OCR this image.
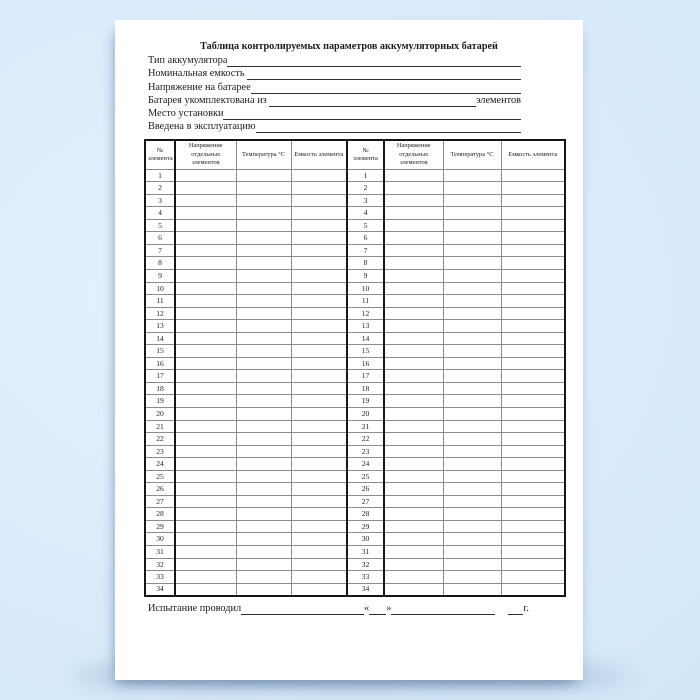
Таблица контролируемых параметров аккумуляторных батарей
Тип аккумулятора
Номинальная емкость
Напряжение на батарее
Батарея укомплектована из	элементов
Место установки
Введена в эксплуатацию
№ элемента	Напряжение отдельных элементов	Температура °С	Емкость элемента	№ элемента	Напряжение отдельных элементов	Температура °С	Емкость элемента
1				1			
2				2			
3				3			
4				4			
5				5			
6				6			
7				7			
8				8			
9				9			
10				10			
11				11			
12				12			
13				13			
14				14			
15				15			
16				16			
17				17			
18				18			
19				19			
20				20			
21				21			
22				22			
23				23			
24				24			
25				25			
26				26			
27				27			
28				28			
29				29			
30				30			
31				31			
32				32			
33				33			
34				34			
Испытание проводил	« »	г.
